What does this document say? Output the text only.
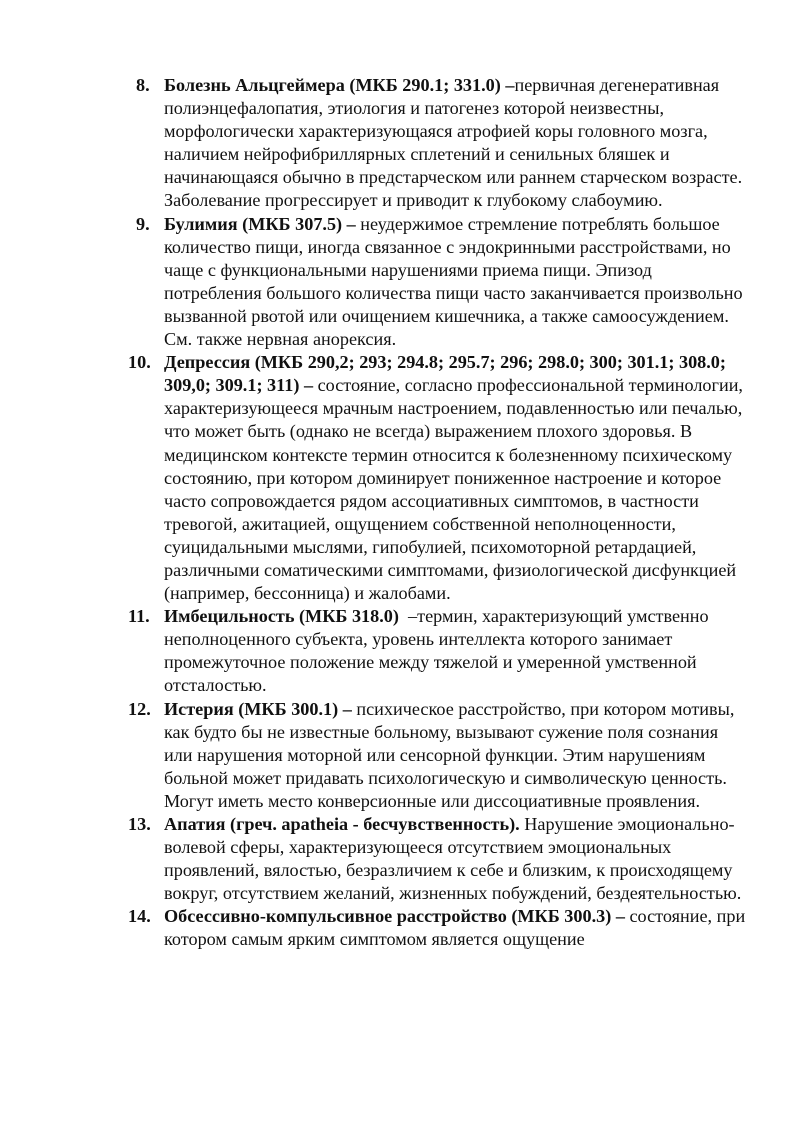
8. Болезнь Альцгеймера (МКБ 290.1; 331.0) –первичная дегенеративная полиэнцефалопатия, этиология и патогенез которой неизвестны, морфологически характеризующаяся атрофией коры головного мозга, наличием нейрофибриллярных сплетений и сенильных бляшек и начинающаяся обычно в предстарческом или раннем старческом возрасте. Заболевание прогрессирует и приводит к глубокому слабоумию.
9. Булимия (МКБ 307.5) – неудержимое стремление потреблять большое количество пищи, иногда связанное с эндокринными расстройствами, но чаще с функциональными нарушениями приема пищи. Эпизод потребления большого количества пищи часто заканчивается произвольно вызванной рвотой или очищением кишечника, а также самоосуждением. См. также нервная анорексия.
10. Депрессия (МКБ 290,2; 293; 294.8; 295.7; 296; 298.0; 300; 301.1; 308.0; 309,0; 309.1; 311) – состояние, согласно профессиональной терминологии, характеризующееся мрачным настроением, подавленностью или печалью, что может быть (однако не всегда) выражением плохого здоровья. В медицинском контексте термин относится к болезненному психическому состоянию, при котором доминирует пониженное настроение и которое часто сопровождается рядом ассоциативных симптомов, в частности тревогой, ажитацией, ощущением собственной неполноценности, суицидальными мыслями, гипобулией, психомоторной ретардацией, различными соматическими симптомами, физиологической дисфункцией (например, бессонница) и жалобами.
11. Имбецильность (МКБ 318.0)  –термин, характеризующий умственно неполноценного субъекта, уровень интеллекта которого занимает промежуточное положение между тяжелой и умеренной умственной отсталостью.
12. Истерия (МКБ 300.1) – психическое расстройство, при котором мотивы, как будто бы не известные больному, вызывают сужение поля сознания или нарушения моторной или сенсорной функции. Этим нарушениям больной может придавать психологическую и символическую ценность. Могут иметь место конверсионные или диссоциативные проявления.
13. Апатия (греч. apatheia - бесчувственность). Нарушение эмоционально-волевой сферы, характеризующееся отсутствием эмоциональных проявлений, вялостью, безразличием к себе и близким, к происходящему вокруг, отсутствием желаний, жизненных побуждений, бездеятельностью.
14. Обсессивно-компульсивное расстройство (МКБ 300.3) – состояние, при котором самым ярким симптомом является ощущение
